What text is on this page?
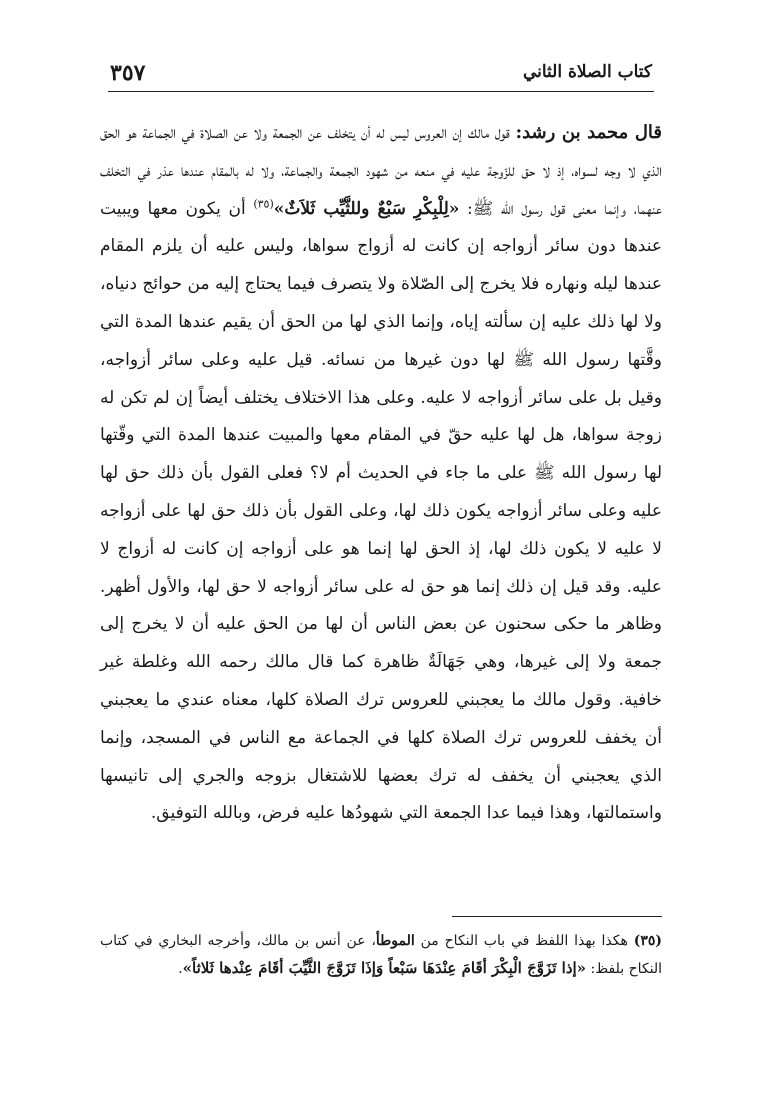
كتاب الصلاة الثاني
٣٥٧
قال محمد بن رشد: قول مالك إن العروس ليس له أن يتخلف عن الجمعة ولا عن الصلاة في الجماعة هو الحق الذي لا وجه لسواه، إذ لا حق للزّوجة عليه في منعه من شهود الجمعة والجماعة، ولا له بالمقام عندها عذر في التخلف عنهما، وإنما معنى قول رسول الله ﷺ: «لِلْبِكْرِ سَبْعٌ وللثَّيِّب ثَلاَثٌ»$^{(٣٥)}$ أن يكون معها ويبيت عندها دون سائر أزواجه إن كانت له أزواج سواها، وليس عليه أن يلزم المقام عندها ليله ونهاره فلا يخرج إلى الصّلاة ولا يتصرف فيما يحتاج إليه من حوائج دنياه، ولا لها ذلك عليه إن سألته إياه، وإنما الذي لها من الحق أن يقيم عندها المدة التي وقَّتها رسول الله ﷺ لها دون غيرها من نسائه. قيل عليه وعلى سائر أزواجه، وقيل بل على سائر أزواجه لا عليه. وعلى هذا الاختلاف يختلف أيضاً إن لم تكن له زوجة سواها، هل لها عليه حقّ في المقام معها والمبيت عندها المدة التي وقّتها لها رسول الله ﷺ على ما جاء في الحديث أم لا؟ فعلى القول بأن ذلك حق لها عليه وعلى سائر أزواجه يكون ذلك لها، وعلى القول بأن ذلك حق لها على أزواجه لا عليه لا يكون ذلك لها، إذ الحق لها إنما هو على أزواجه إن كانت له أزواج لا عليه. وقد قيل إن ذلك إنما هو حق له على سائر أزواجه لا حق لها، والأول أظهر. وظاهر ما حكى سحنون عن بعض الناس أن لها من الحق عليه أن لا يخرج إلى جمعة ولا إلى غيرها، وهي جَهَالَةٌ ظاهرة كما قال مالك رحمه الله وغلطة غير خافية. وقول مالك ما يعجبني للعروس ترك الصلاة كلها، معناه عندي ما يعجبني أن يخفف للعروس ترك الصلاة كلها في الجماعة مع الناس في المسجد، وإنما الذي يعجبني أن يخفف له ترك بعضها للاشتغال بزوجه والجري إلى تانيسها واستمالتها، وهذا فيما عدا الجمعة التي شهودُها عليه فرض، وبالله التوفيق.
(٣٥) هكذا بهذا اللفظ في باب النكاح من الموطأ، عن أنس بن مالك، وأخرجه البخاري في كتاب النكاح بلفظ: «إذا تَزَوَّجَ الْبِكْرَ أقَامَ عِنْدَهَا سَبْعاً وَإذَا تَزَوَّجَ الثَّيِّبَ أقَامَ عِنْدها ثَلاثاً».
